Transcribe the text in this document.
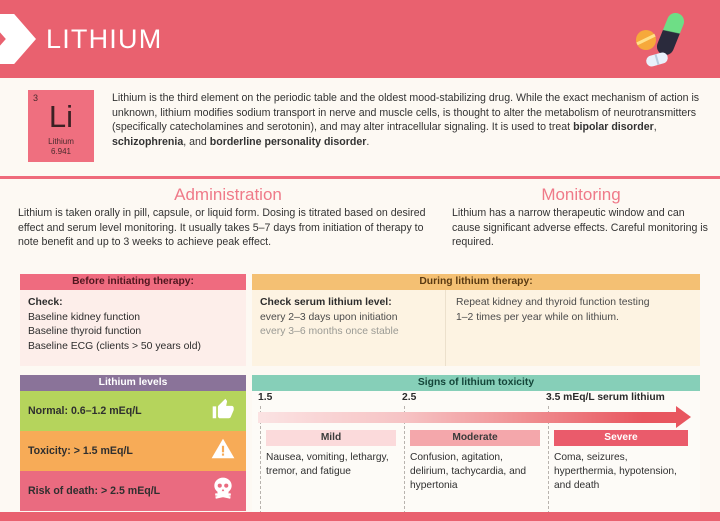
LITHIUM
3
Li
Lithium
6.941
Lithium is the third element on the periodic table and the oldest mood-stabilizing drug. While the exact mechanism of action is unknown, lithium modifies sodium transport in nerve and muscle cells, is thought to alter the metabolism of neurotransmitters (specifically catecholamines and serotonin), and may alter intracellular signaling. It is used to treat bipolar disorder, schizophrenia, and borderline personality disorder.
Administration
Lithium is taken orally in pill, capsule, or liquid form. Dosing is titrated based on desired effect and serum level monitoring. It usually takes 5–7 days from initiation of therapy to note benefit and up to 3 weeks to achieve peak effect.
Monitoring
Lithium has a narrow therapeutic window and can cause significant adverse effects. Careful monitoring is required.
Before initiating therapy:
Check:
Baseline kidney function
Baseline thyroid function
Baseline ECG (clients > 50 years old)
During lithium therapy:
Check serum lithium level:
every 2–3 days upon initiation
every 3–6 months once stable
Repeat kidney and thyroid function testing
1–2 times per year while on lithium.
Lithium levels
Normal: 0.6–1.2 mEq/L
Toxicity: > 1.5 mEq/L
Risk of death: > 2.5 mEq/L
Signs of lithium toxicity
1.5	2.5	3.5 mEq/L serum lithium
Mild	Moderate	Severe
Nausea, vomiting, lethargy, tremor, and fatigue
Confusion, agitation, delirium, tachycardia, and hypertonia
Coma, seizures, hyperthermia, hypotension, and death
